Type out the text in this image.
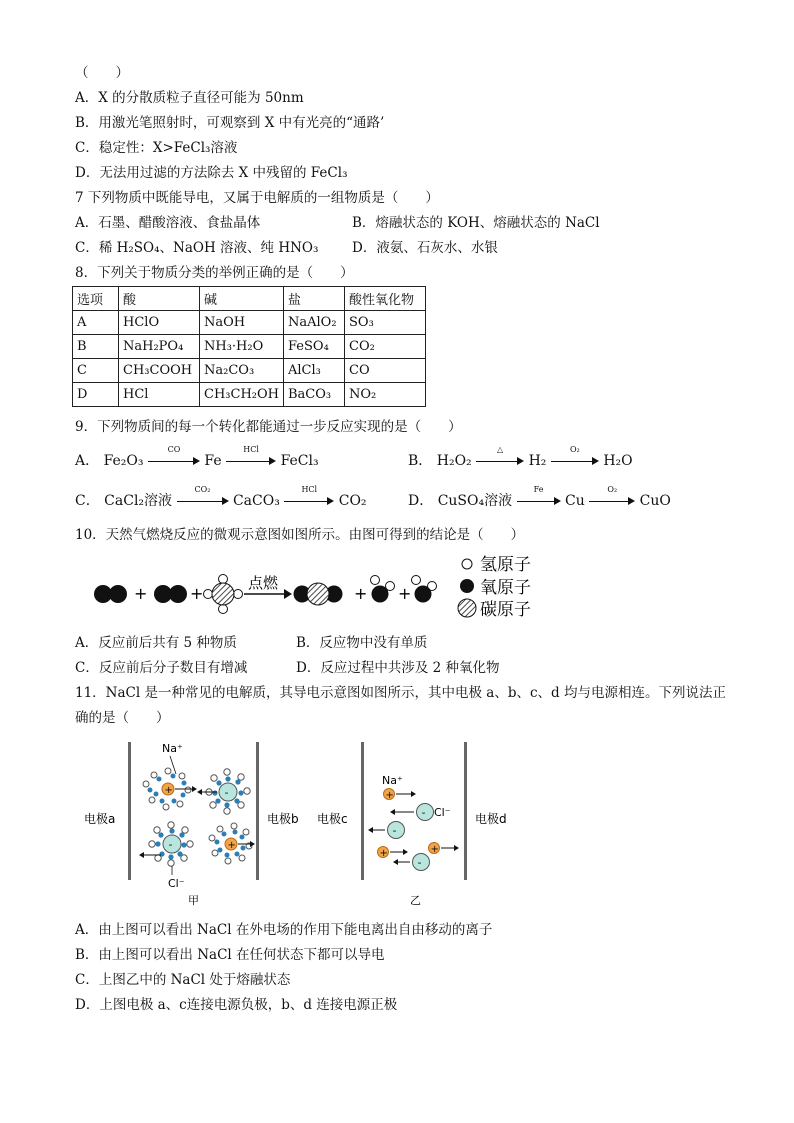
（　　）
A．X 的分散质粒子直径可能为 50nm
B．用激光笔照射时，可观察到 X 中有光亮的“通路’
C．稳定性：X>FeCl₃溶液
D．无法用过滤的方法除去 X 中残留的 FeCl₃
7 下列物质中既能导电，又属于电解质的一组物质是（　　）
A．石墨、醋酸溶液、食盐晶体	B．熔融状态的 KOH、熔融状态的 NaCl
C．稀 H₂SO₄、NaOH 溶液、纯 HNO₃ D．液氨、石灰水、水银
8．下列关于物质分类的举例正确的是（　　）
选项	酸	碱	盐	酸性氧化物
A	HClO	NaOH	NaAlO₂	SO₃
B	NaH₂PO₄	NH₃·H₂O	FeSO₄	CO₂
C	CH₃COOH	Na₂CO₃	AlCl₃	CO
D	HCl	CH₃CH₂OH	BaCO₃	NO₂
9．下列物质间的每一个转化都能通过一步反应实现的是（　　）
A． Fe₂O₃
CO
Fe
HCl
FeCl₃	B． H₂O₂
△
H₂
O₂
H₂O
C． CaCl₂溶液
CO₂
CaCO₃
HCl
CO₂	D． CuSO₄溶液
Fe
Cu
O₂
CuO
10．天然气燃烧反应的微观示意图如图所示。由图可得到的结论是（　　）
+	+
点燃
+ +
氢原子
氧原子
碳原子
A．反应前后共有 5 种物质	B．反应物中没有单质
C．反应前后分子数目有增减	D．反应过程中共涉及 2 种氧化物
11．NaCl 是一种常见的电解质，其导电示意图如图所示，其中电极 a、b、c、d 均与电源相连。下列说法正
确的是（　　）
电极a	电极b
Na⁺
+	-
-
Cl⁻
+
甲
电极c	电极d
Na⁺
Cl⁻
+
-
-
+
-
+
乙
A．由上图可以看出 NaCl 在外电场的作用下能电离出自由移动的离子
B．由上图可以看出 NaCl 在任何状态下都可以导电
C．上图乙中的 NaCl 处于熔融状态
D．上图电极 a、c连接电源负极，b、d 连接电源正极
